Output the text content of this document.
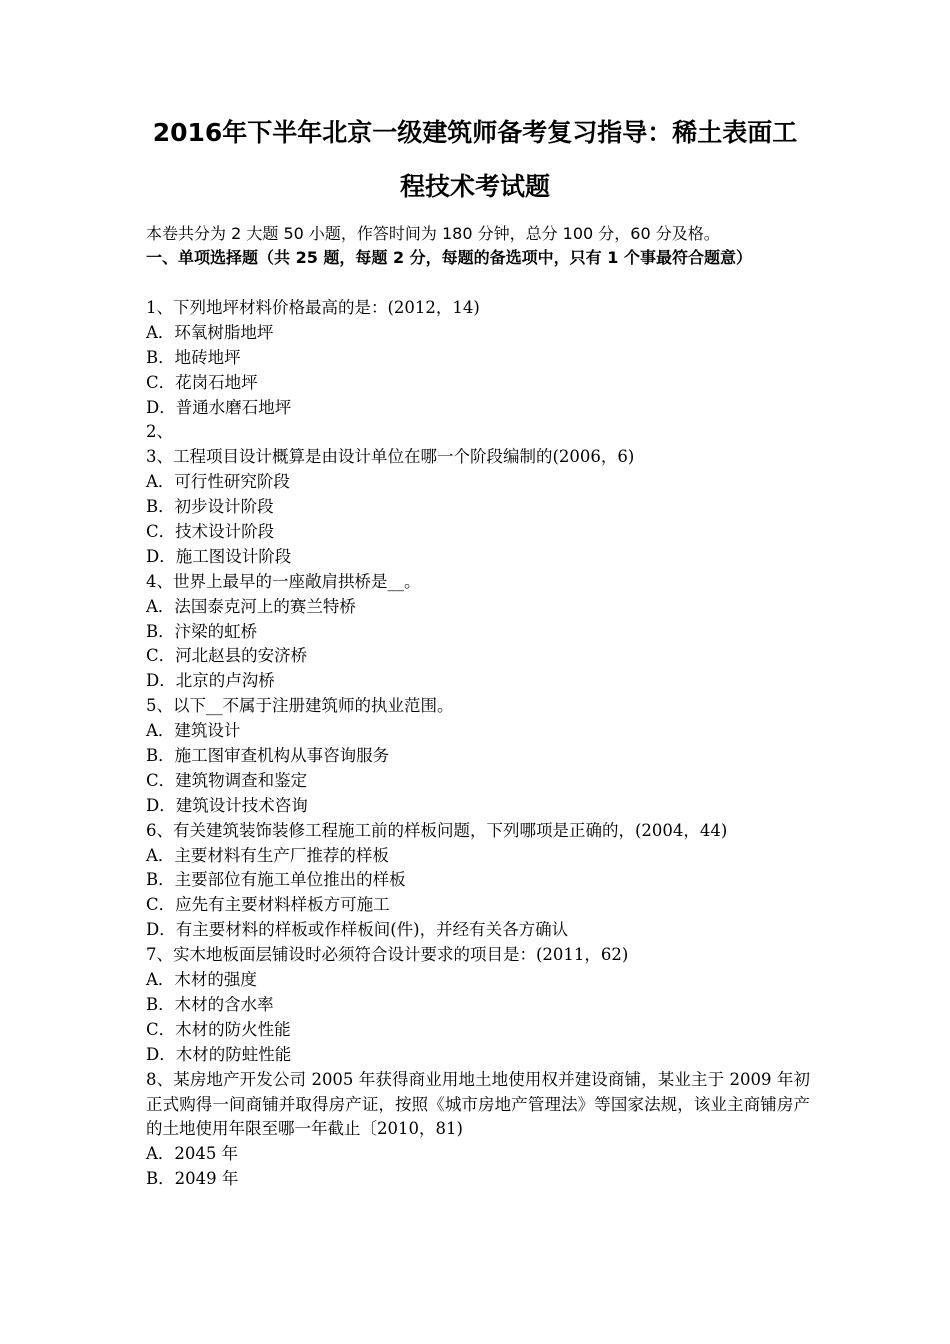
2016年下半年北京一级建筑师备考复习指导：稀土表面工
程技术考试题

本卷共分为 2 大题 50 小题，作答时间为 180 分钟，总分 100 分，60 分及格。

一、单项选择题（共 25 题，每题 2 分，每题的备选项中，只有 1 个事最符合题意）

1、下列地坪材料价格最高的是：(2012，14)
A．环氧树脂地坪
B．地砖地坪
C．花岗石地坪
D．普通水磨石地坪
2、
3、工程项目设计概算是由设计单位在哪一个阶段编制的(2006，6)
A．可行性研究阶段
B．初步设计阶段
C．技术设计阶段
D．施工图设计阶段
4、世界上最早的一座敞肩拱桥是__。
A．法国泰克河上的赛兰特桥
B．汴梁的虹桥
C．河北赵县的安济桥
D．北京的卢沟桥
5、以下__不属于注册建筑师的执业范围。
A．建筑设计
B．施工图审查机构从事咨询服务
C．建筑物调查和鉴定
D．建筑设计技术咨询
6、有关建筑装饰装修工程施工前的样板问题，下列哪项是正确的，(2004，44)
A．主要材料有生产厂推荐的样板
B．主要部位有施工单位推出的样板
C．应先有主要材料样板方可施工
D．有主要材料的样板或作样板间(件)，并经有关各方确认
7、实木地板面层铺设时必须符合设计要求的项目是：(2011，62)
A．木材的强度
B．木材的含水率
C．木材的防火性能
D．木材的防蛀性能
8、某房地产开发公司 2005 年获得商业用地土地使用权并建设商铺，某业主于 2009 年初正式购得一间商铺并取得房产证，按照《城市房地产管理法》等国家法规，该业主商铺房产的土地使用年限至哪一年截止〔2010，81)
A．2045 年
B．2049 年
